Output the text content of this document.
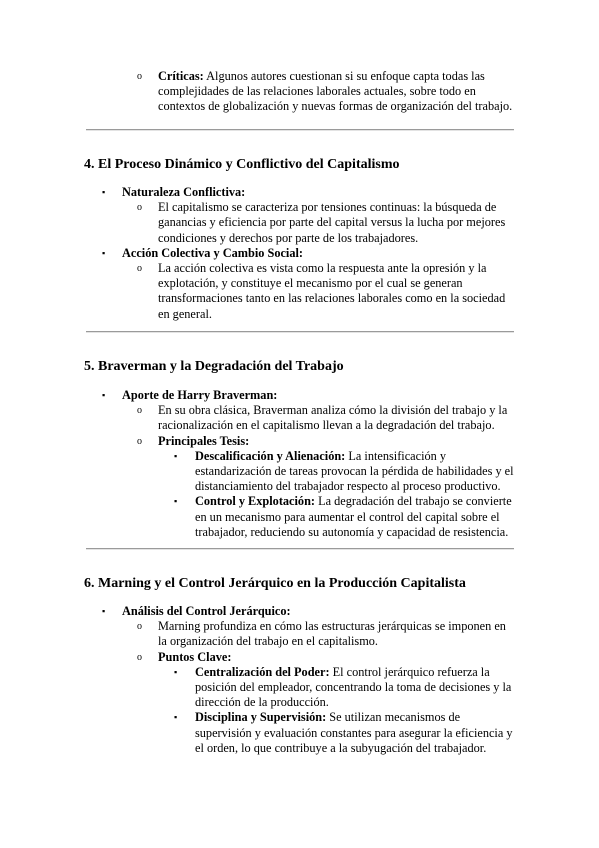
o Críticas: Algunos autores cuestionan si su enfoque capta todas las complejidades de las relaciones laborales actuales, sobre todo en contextos de globalización y nuevas formas de organización del trabajo.
4. El Proceso Dinámico y Conflictivo del Capitalismo
▪ Naturaleza Conflictiva:
o El capitalismo se caracteriza por tensiones continuas: la búsqueda de ganancias y eficiencia por parte del capital versus la lucha por mejores condiciones y derechos por parte de los trabajadores.
▪ Acción Colectiva y Cambio Social:
o La acción colectiva es vista como la respuesta ante la opresión y la explotación, y constituye el mecanismo por el cual se generan transformaciones tanto en las relaciones laborales como en la sociedad en general.
5. Braverman y la Degradación del Trabajo
▪ Aporte de Harry Braverman:
o En su obra clásica, Braverman analiza cómo la división del trabajo y la racionalización en el capitalismo llevan a la degradación del trabajo.
o Principales Tesis:
▪ Descalificación y Alienación: La intensificación y estandarización de tareas provocan la pérdida de habilidades y el distanciamiento del trabajador respecto al proceso productivo.
▪ Control y Explotación: La degradación del trabajo se convierte en un mecanismo para aumentar el control del capital sobre el trabajador, reduciendo su autonomía y capacidad de resistencia.
6. Marning y el Control Jerárquico en la Producción Capitalista
▪ Análisis del Control Jerárquico:
o Marning profundiza en cómo las estructuras jerárquicas se imponen en la organización del trabajo en el capitalismo.
o Puntos Clave:
▪ Centralización del Poder: El control jerárquico refuerza la posición del empleador, concentrando la toma de decisiones y la dirección de la producción.
▪ Disciplina y Supervisión: Se utilizan mecanismos de supervisión y evaluación constantes para asegurar la eficiencia y el orden, lo que contribuye a la subyugación del trabajador.
